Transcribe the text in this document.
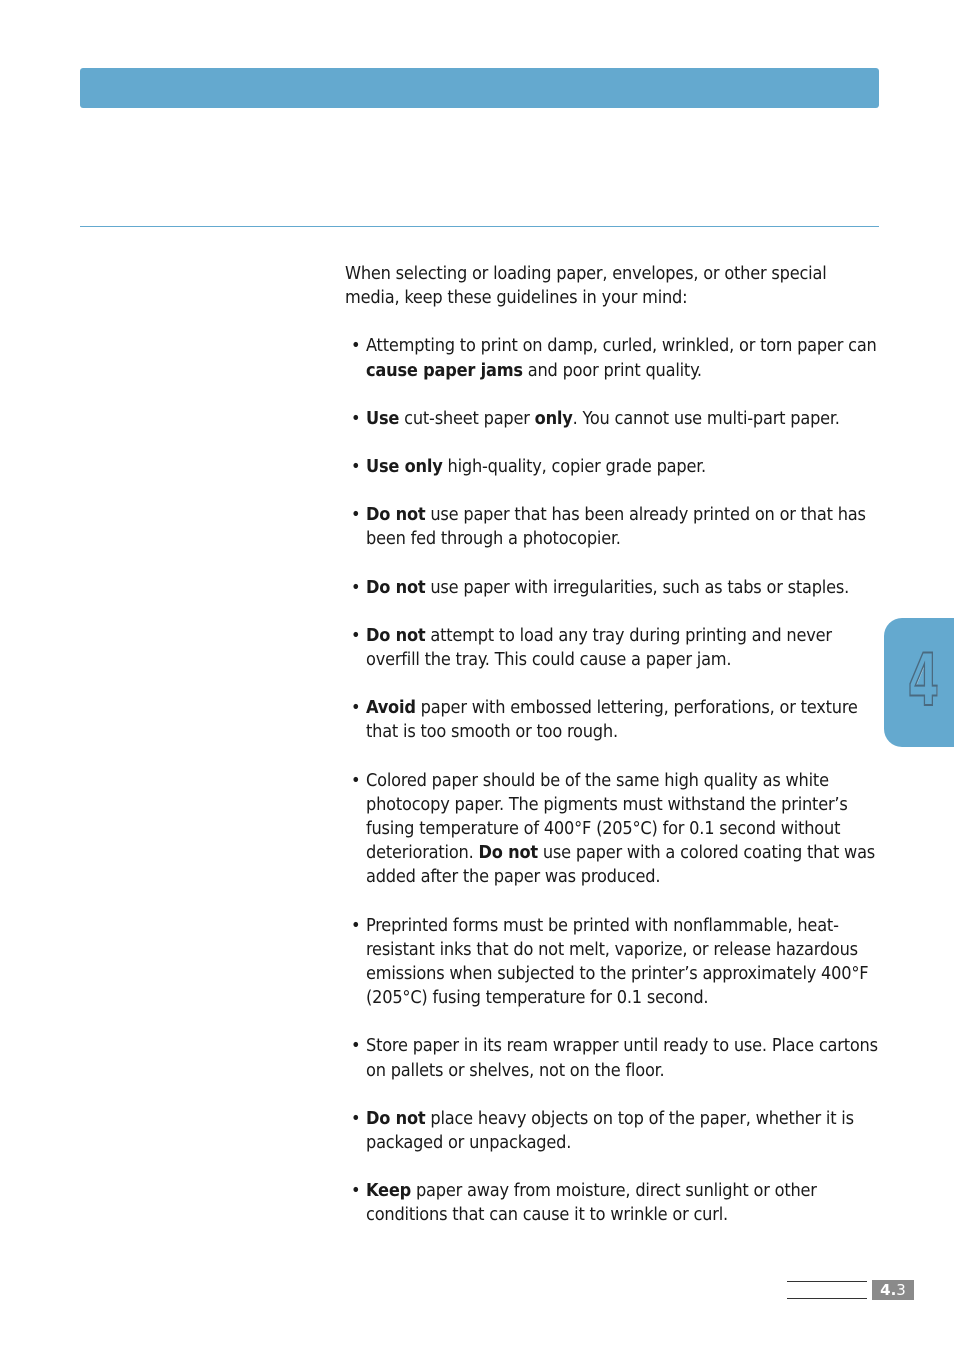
When selecting or loading paper, envelopes, or other special media, keep these guidelines in your mind:

• Attempting to print on damp, curled, wrinkled, or torn paper can cause paper jams and poor print quality.
• Use cut-sheet paper only. You cannot use multi-part paper.
• Use only high-quality, copier grade paper.
• Do not use paper that has been already printed on or that has been fed through a photocopier.
• Do not use paper with irregularities, such as tabs or staples.
• Do not attempt to load any tray during printing and never overfill the tray. This could cause a paper jam.
• Avoid paper with embossed lettering, perforations, or texture that is too smooth or too rough.
• Colored paper should be of the same high quality as white photocopy paper. The pigments must withstand the printer’s fusing temperature of 400°F (205°C) for 0.1 second without deterioration. Do not use paper with a colored coating that was added after the paper was produced.
• Preprinted forms must be printed with nonflammable, heat-resistant inks that do not melt, vaporize, or release hazardous emissions when subjected to the printer’s approximately 400°F (205°C) fusing temperature for 0.1 second.
• Store paper in its ream wrapper until ready to use. Place cartons on pallets or shelves, not on the floor.
• Do not place heavy objects on top of the paper, whether it is packaged or unpackaged.
• Keep paper away from moisture, direct sunlight or other conditions that can cause it to wrinkle or curl.
4
4.3
